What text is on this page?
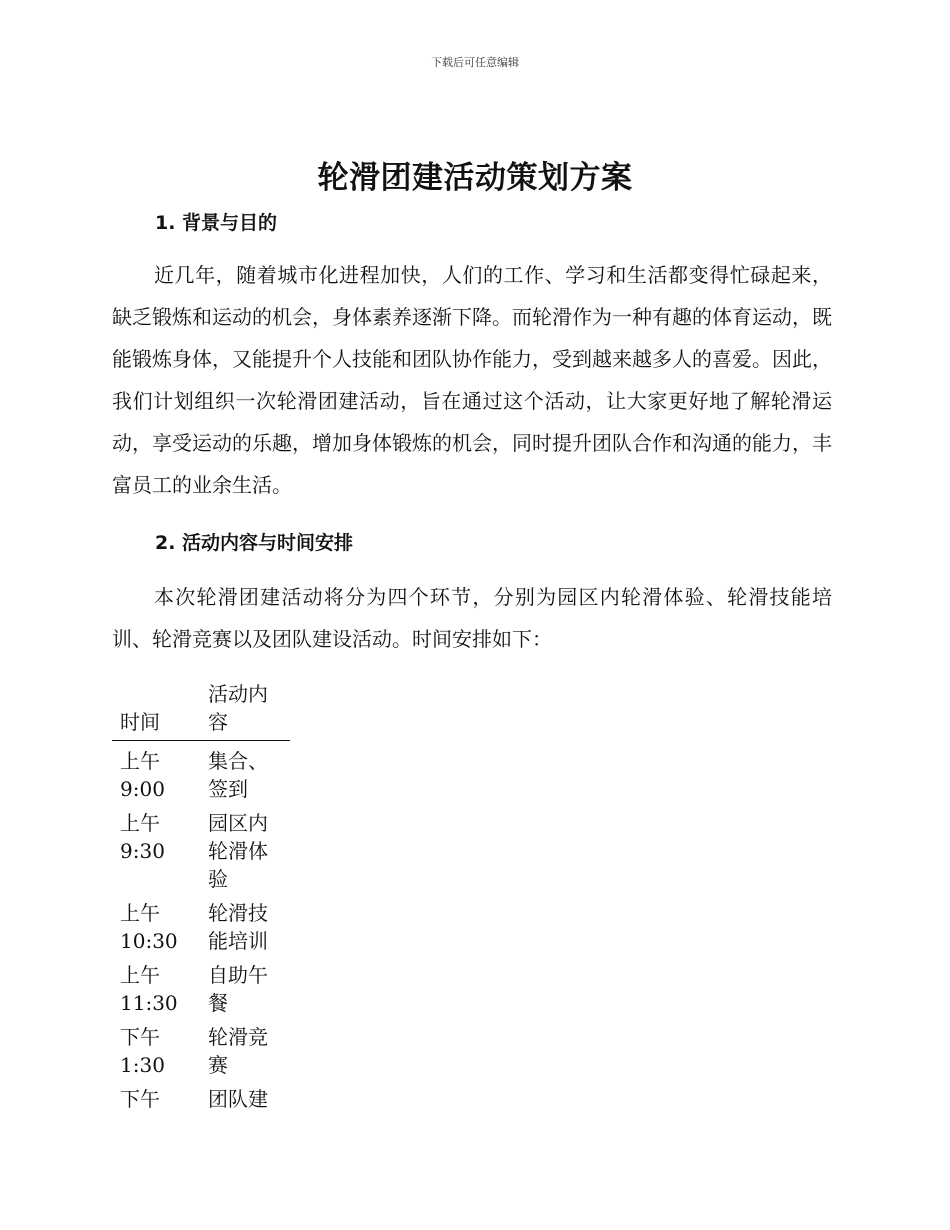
下载后可任意编辑
轮滑团建活动策划方案
1. 背景与目的
近几年，随着城市化进程加快，人们的工作、学习和生活都变得忙碌起来，缺乏锻炼和运动的机会，身体素养逐渐下降。而轮滑作为一种有趣的体育运动，既能锻炼身体，又能提升个人技能和团队协作能力，受到越来越多人的喜爱。因此，我们计划组织一次轮滑团建活动，旨在通过这个活动，让大家更好地了解轮滑运动，享受运动的乐趣，增加身体锻炼的机会，同时提升团队合作和沟通的能力，丰富员工的业余生活。
2. 活动内容与时间安排
本次轮滑团建活动将分为四个环节，分别为园区内轮滑体验、轮滑技能培训、轮滑竞赛以及团队建设活动。时间安排如下：
时间	活动内容
上午 9:00	集合、签到
上午 9:30	园区内轮滑体验
上午 10:30	轮滑技能培训
上午 11:30	自助午餐
下午 1:30	轮滑竞赛
下午	团队建
